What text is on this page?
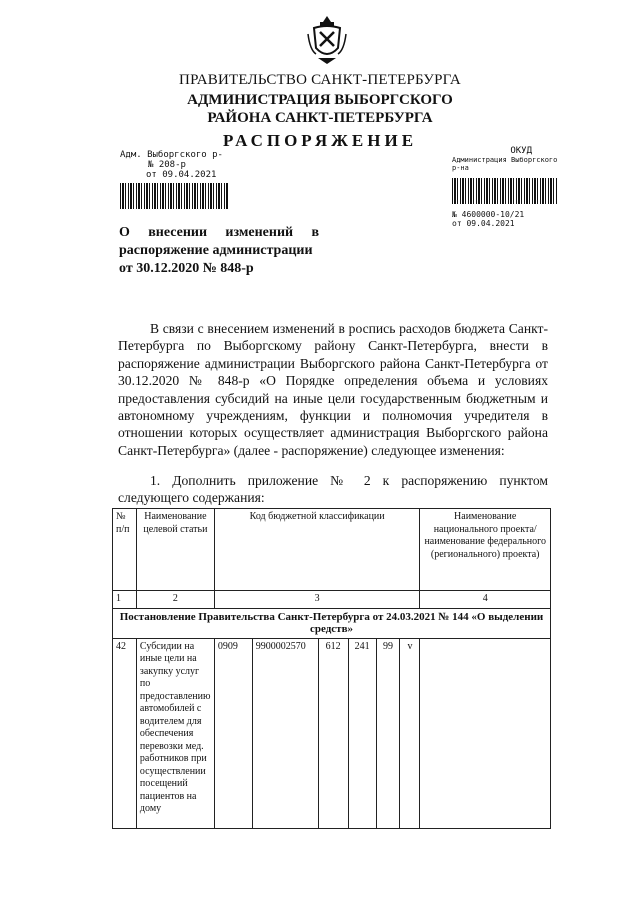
ПРАВИТЕЛЬСТВО САНКТ-ПЕТЕРБУРГА
АДМИНИСТРАЦИЯ ВЫБОРГСКОГО
РАЙОНА САНКТ-ПЕТЕРБУРГА
РАСПОРЯЖЕНИЕ
Адм. Выборгского р-
№ 208-р
от 09.04.2021
ОКУД
Администрация Выборгского р-на
№ 4600000-10/21
от 09.04.2021
О внесении изменений в
распоряжение администрации
от 30.12.2020 № 848-р
В связи с внесением изменений в роспись расходов бюджета Санкт-Петербурга по Выборгскому району Санкт-Петербурга, внести в распоряжение администрации Выборгского района Санкт-Петербурга от 30.12.2020 № 848-р «О Порядке определения объема и условиях предоставления субсидий на иные цели государственным бюджетным и автономному учреждениям, функции и полномочия учредителя в отношении которых осуществляет администрация Выборгского района Санкт-Петербурга» (далее - распоряжение) следующее изменения:
1. Дополнить приложение № 2 к распоряжению пунктом следующего содержания:
№ п/п	Наименование целевой статьи	Код бюджетной классификации						Наименование национального проекта/наименование федерального (регионального) проекта)
1	2	3						4
Постановление Правительства Санкт-Петербурга от 24.03.2021 № 144 «О выделении средств»								
42	Субсидии на иные цели на закупку услуг по предоставлению автомобилей с водителем для обеспечения перевозки мед. работников при осуществлении посещений пациентов на дому	0909	9900002570	612	241	99	v	
